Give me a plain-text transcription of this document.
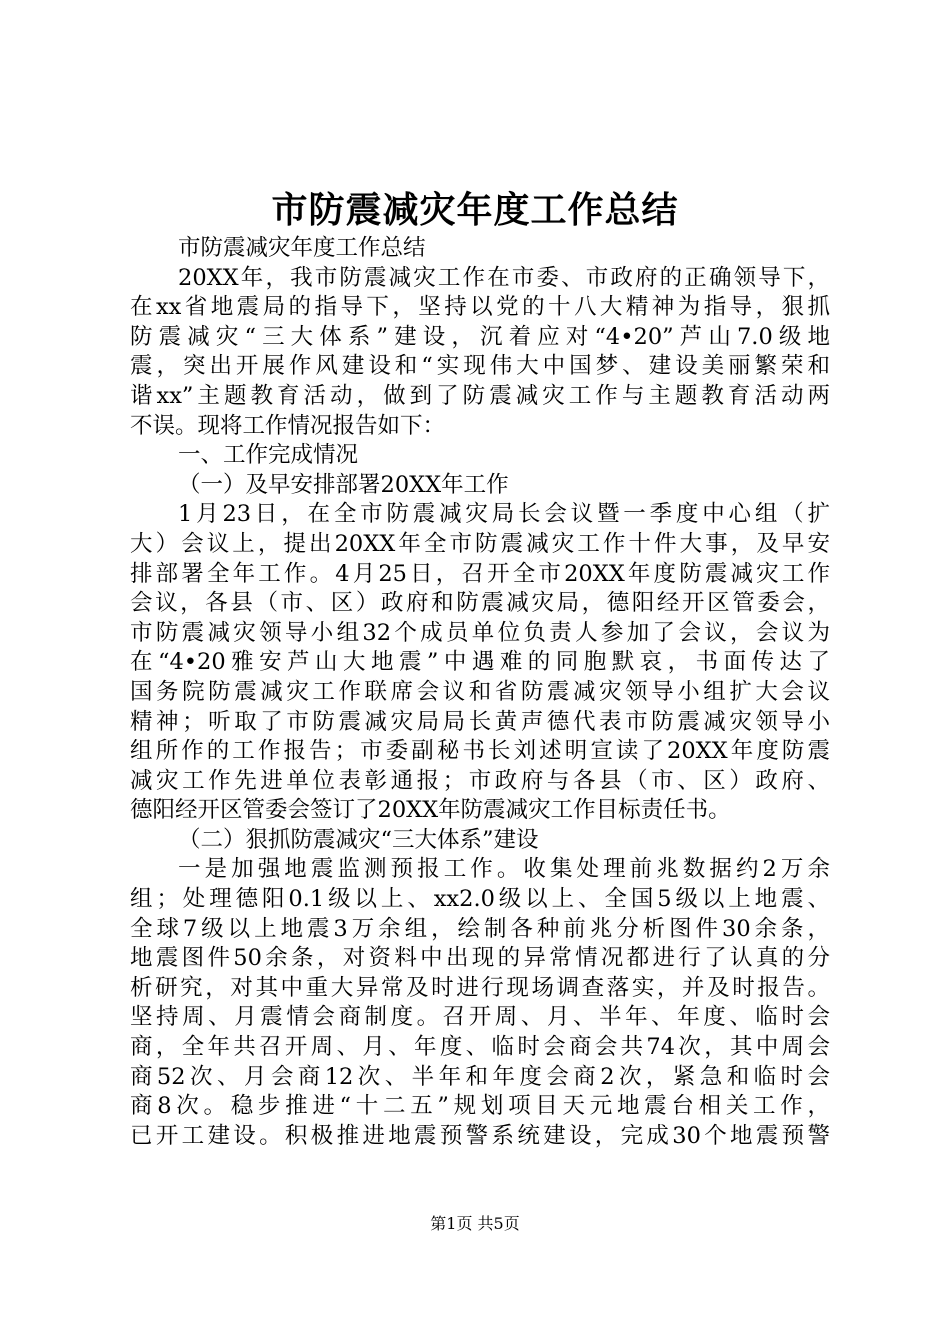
市防震减灾年度工作总结
市防震减灾年度工作总结
20XX年，我市防震减灾工作在市委、市政府的正确领导下，
在xx省地震局的指导下，坚持以党的十八大精神为指导，狠抓
防震减灾“三大体系”建设，沉着应对“4•20”芦山7.0级地
震，突出开展作风建设和“实现伟大中国梦、建设美丽繁荣和
谐xx”主题教育活动，做到了防震减灾工作与主题教育活动两
不误。现将工作情况报告如下：
一、工作完成情况
（一）及早安排部署20XX年工作
1月23日，在全市防震减灾局长会议暨一季度中心组（扩
大）会议上，提出20XX年全市防震减灾工作十件大事，及早安
排部署全年工作。4月25日，召开全市20XX年度防震减灾工作
会议，各县（市、区）政府和防震减灾局，德阳经开区管委会，
市防震减灾领导小组32个成员单位负责人参加了会议，会议为
在“4•20雅安芦山大地震”中遇难的同胞默哀，书面传达了
国务院防震减灾工作联席会议和省防震减灾领导小组扩大会议
精神；听取了市防震减灾局局长黄声德代表市防震减灾领导小
组所作的工作报告；市委副秘书长刘述明宣读了20XX年度防震
减灾工作先进单位表彰通报；市政府与各县（市、区）政府、
德阳经开区管委会签订了20XX年防震减灾工作目标责任书。
（二）狠抓防震减灾“三大体系”建设
一是加强地震监测预报工作。收集处理前兆数据约2万余
组；处理德阳0.1级以上、xx2.0级以上、全国5级以上地震、
全球7级以上地震3万余组，绘制各种前兆分析图件30余条，
地震图件50余条，对资料中出现的异常情况都进行了认真的分
析研究，对其中重大异常及时进行现场调查落实，并及时报告。
坚持周、月震情会商制度。召开周、月、半年、年度、临时会
商，全年共召开周、月、年度、临时会商会共74次，其中周会
商52次、月会商12次、半年和年度会商2次，紧急和临时会
商8次。稳步推进“十二五”规划项目天元地震台相关工作，
已开工建设。积极推进地震预警系统建设，完成30个地震预警

第1页 共5页
